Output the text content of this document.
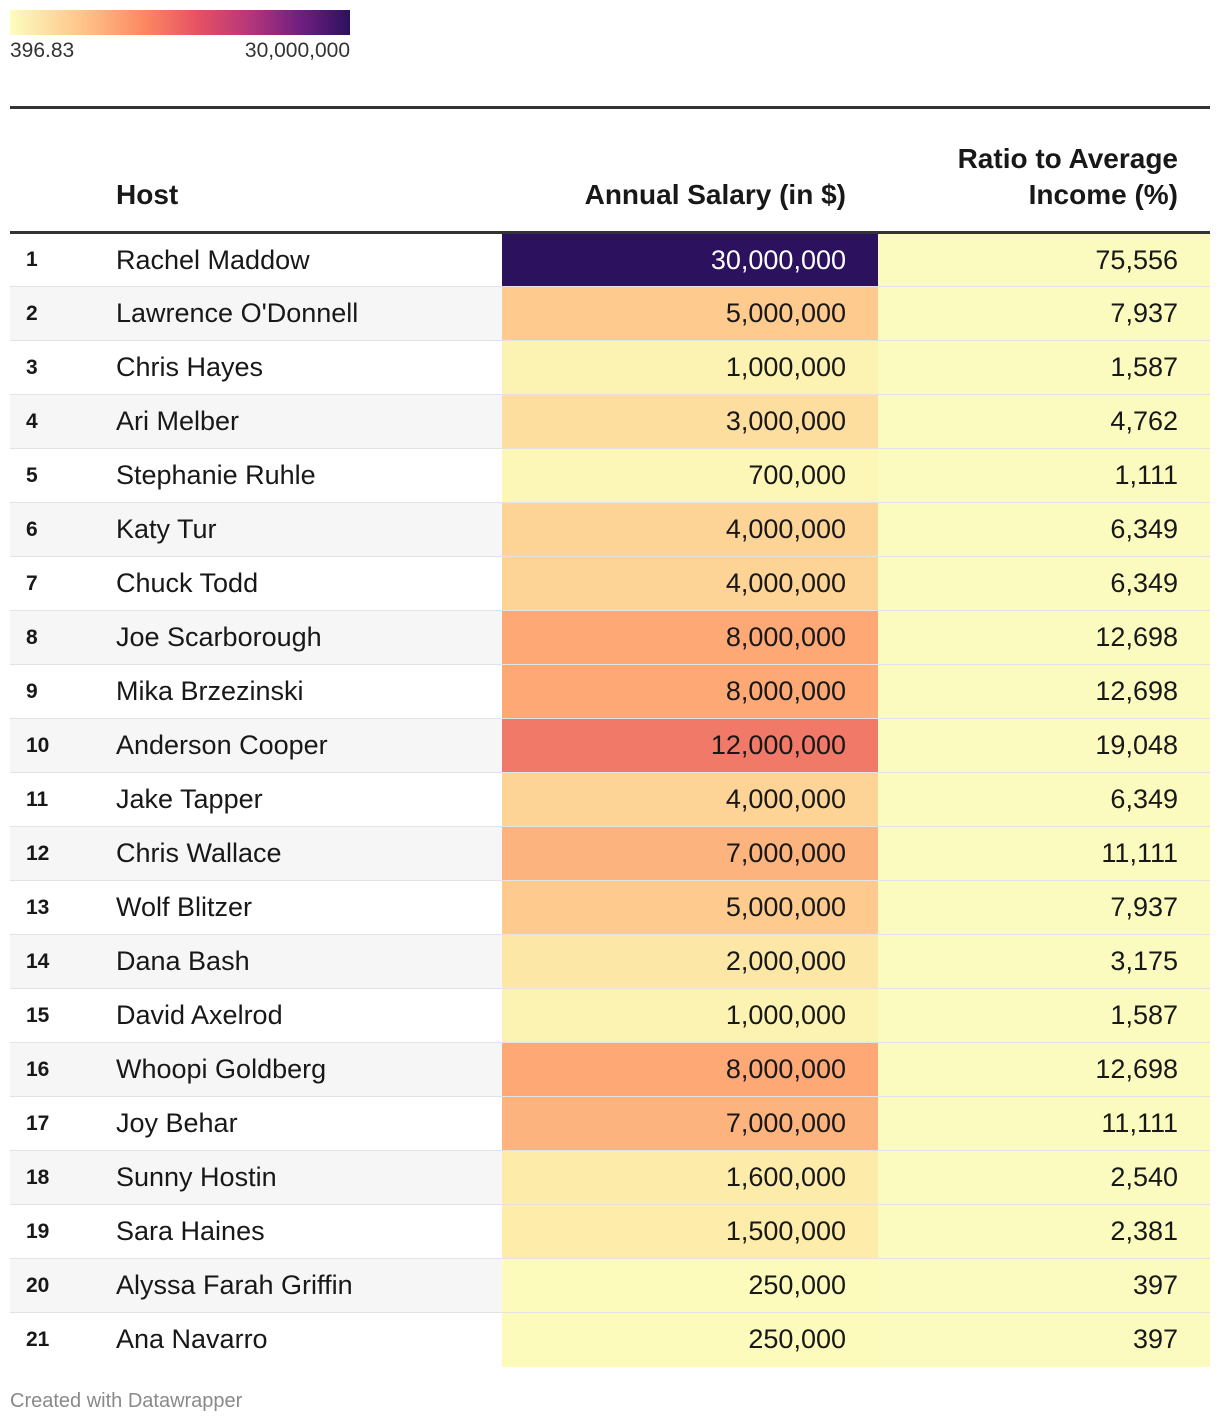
396.83	30,000,000
	Host	Annual Salary (in $)	Ratio to Average
Income (%)
1	Rachel Maddow	30,000,000	75,556
2	Lawrence O'Donnell	5,000,000	7,937
3	Chris Hayes	1,000,000	1,587
4	Ari Melber	3,000,000	4,762
5	Stephanie Ruhle	700,000	1,111
6	Katy Tur	4,000,000	6,349
7	Chuck Todd	4,000,000	6,349
8	Joe Scarborough	8,000,000	12,698
9	Mika Brzezinski	8,000,000	12,698
10	Anderson Cooper	12,000,000	19,048
11	Jake Tapper	4,000,000	6,349
12	Chris Wallace	7,000,000	11,111
13	Wolf Blitzer	5,000,000	7,937
14	Dana Bash	2,000,000	3,175
15	David Axelrod	1,000,000	1,587
16	Whoopi Goldberg	8,000,000	12,698
17	Joy Behar	7,000,000	11,111
18	Sunny Hostin	1,600,000	2,540
19	Sara Haines	1,500,000	2,381
20	Alyssa Farah Griffin	250,000	397
21	Ana Navarro	250,000	397
Created with Datawrapper
